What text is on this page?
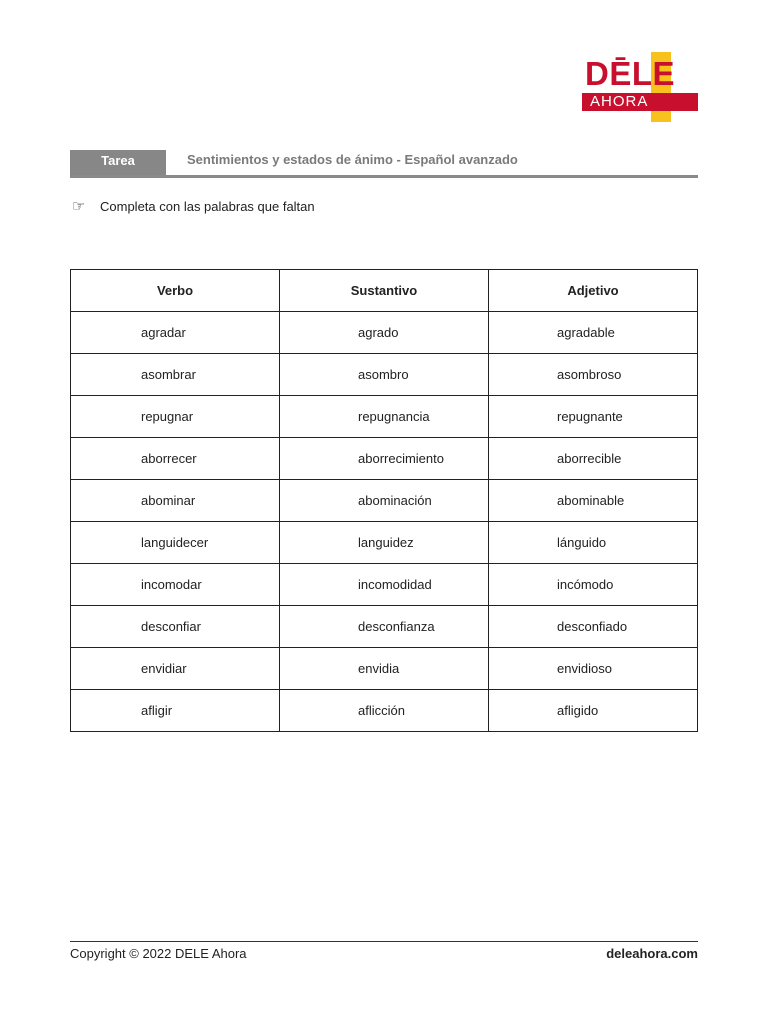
DĒLE
AHORA
Tarea	Sentimientos y estados de ánimo - Español avanzado
☞ Completa con las palabras que faltan
Verbo	Sustantivo	Adjetivo
agradar	agrado	agradable
asombrar	asombro	asombroso
repugnar	repugnancia	repugnante
aborrecer	aborrecimiento	aborrecible
abominar	abominación	abominable
languidecer	languidez	lánguido
incomodar	incomodidad	incómodo
desconfiar	desconfianza	desconfiado
envidiar	envidia	envidioso
afligir	aflicción	afligido
Copyright © 2022 DELE Ahora	deleahora.com
